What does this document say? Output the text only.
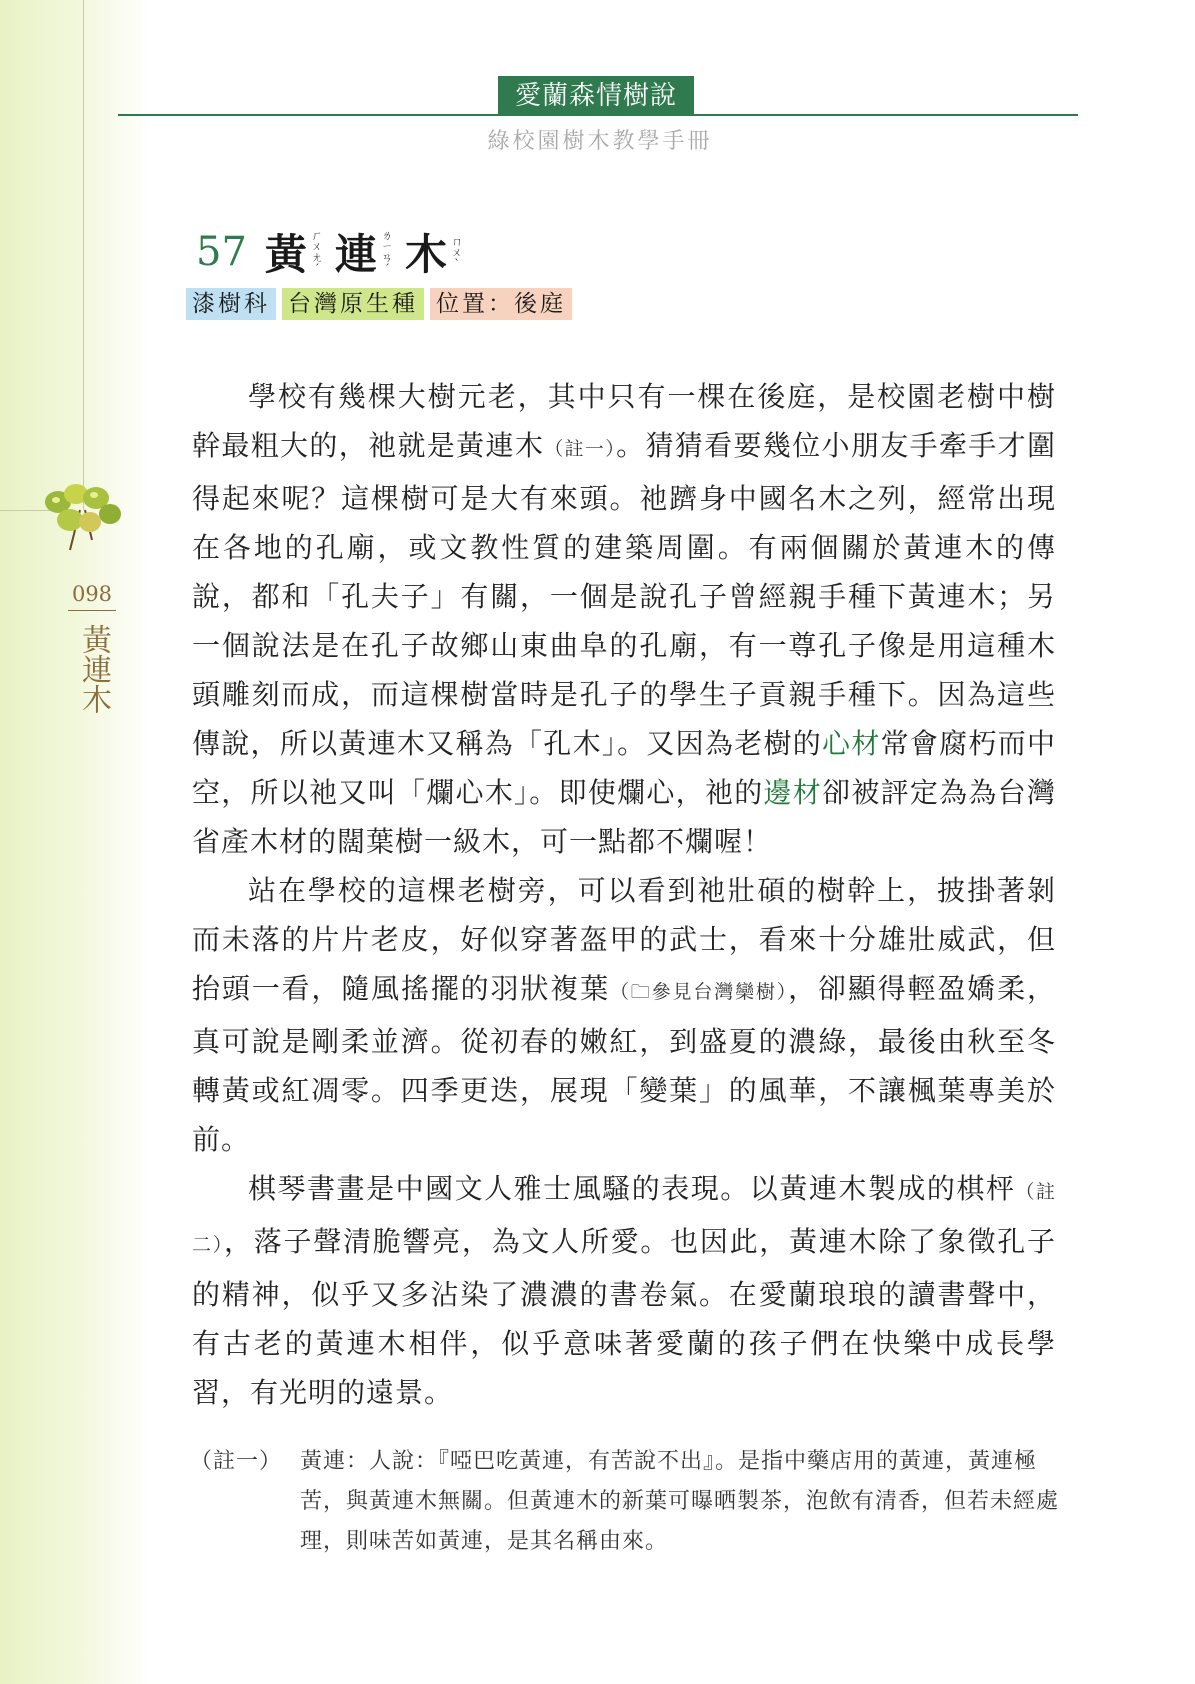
098
黃連木
愛蘭森情樹說
綠校園樹木教學手冊
57 黃 ㄏㄨㄤˊ 連 ㄌㄧㄢˊ 木 ㄇㄨˋ
漆樹科 台灣原生種 位置：後庭

學校有幾棵大樹元老，其中只有一棵在後庭，是校園老樹中樹幹最粗大的，祂就是黃連木（註一）。猜猜看要幾位小朋友手牽手才圍得起來呢？這棵樹可是大有來頭。祂躋身中國名木之列，經常出現在各地的孔廟，或文教性質的建築周圍。有兩個關於黃連木的傳說，都和「孔夫子」有關，一個是說孔子曾經親手種下黃連木；另一個說法是在孔子故鄉山東曲阜的孔廟，有一尊孔子像是用這種木頭雕刻而成，而這棵樹當時是孔子的學生子貢親手種下。因為這些傳說，所以黃連木又稱為「孔木」。又因為老樹的心材常會腐朽而中空，所以祂又叫「爛心木」。即使爛心，祂的邊材卻被評定為為台灣省產木材的闊葉樹一級木，可一點都不爛喔！

站在學校的這棵老樹旁，可以看到祂壯碩的樹幹上，披掛著剝而未落的片片老皮，好似穿著盔甲的武士，看來十分雄壯威武，但抬頭一看，隨風搖擺的羽狀複葉（🗀參見台灣欒樹），卻顯得輕盈嬌柔，真可說是剛柔並濟。從初春的嫩紅，到盛夏的濃綠，最後由秋至冬轉黃或紅凋零。四季更迭，展現「變葉」的風華，不讓楓葉專美於前。

棋琴書畫是中國文人雅士風騷的表現。以黃連木製成的棋枰（註二），落子聲清脆響亮，為文人所愛。也因此，黃連木除了象徵孔子的精神，似乎又多沾染了濃濃的書卷氣。在愛蘭琅琅的讀書聲中，有古老的黃連木相伴，似乎意味著愛蘭的孩子們在快樂中成長學習，有光明的遠景。

（註一） 黃連：人說：『啞巴吃黃連，有苦說不出』。是指中藥店用的黃連，黃連極苦，與黃連木無關。但黃連木的新葉可曝晒製茶，泡飲有清香，但若未經處理，則味苦如黃連，是其名稱由來。
